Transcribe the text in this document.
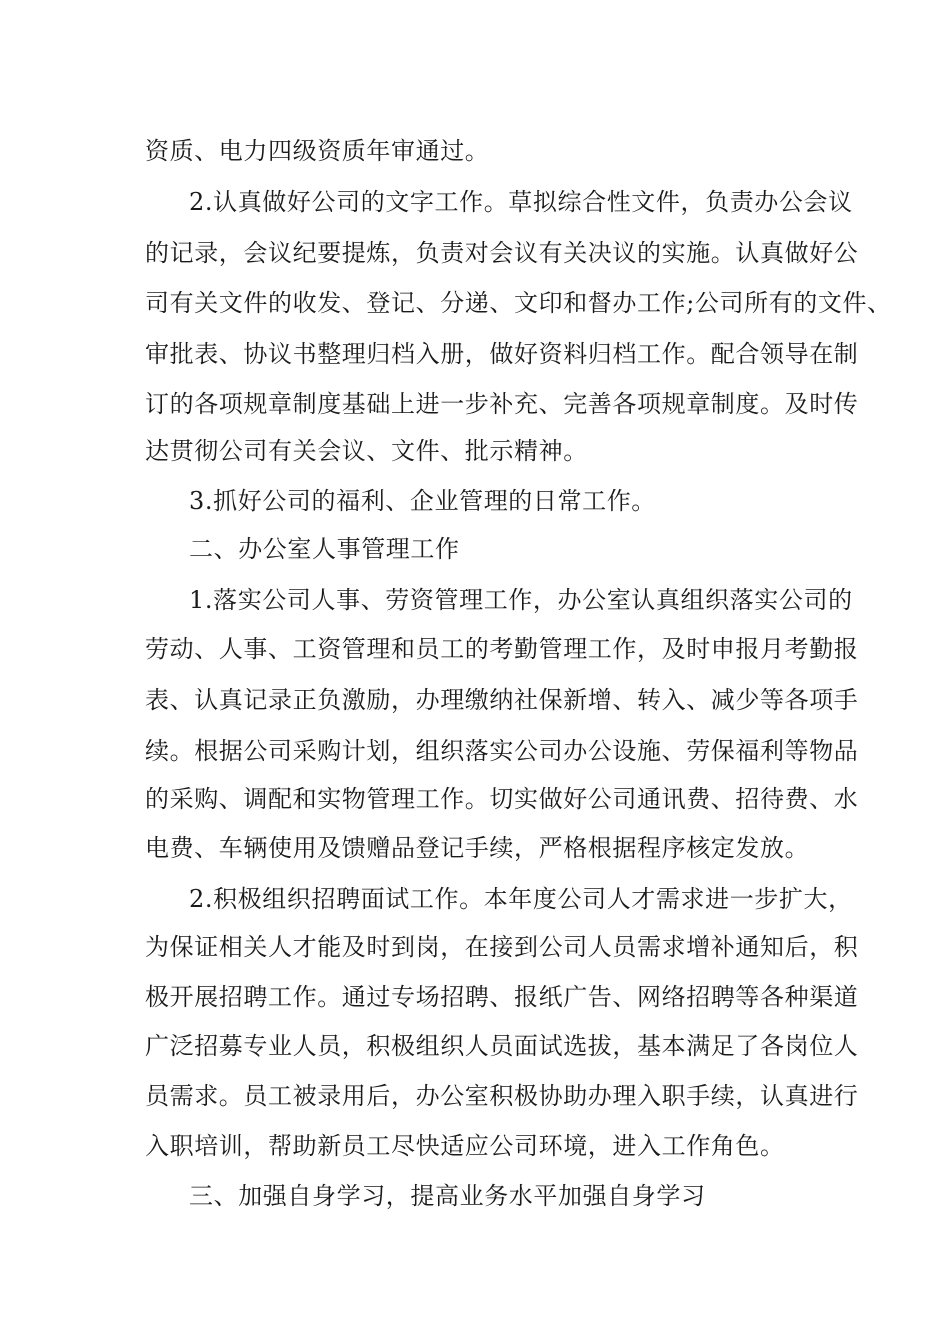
资质、电力四级资质年审通过。
2.认真做好公司的文字工作。草拟综合性文件，负责办公会议
的记录，会议纪要提炼，负责对会议有关决议的实施。认真做好公
司有关文件的收发、登记、分递、文印和督办工作;公司所有的文件、
审批表、协议书整理归档入册，做好资料归档工作。配合领导在制
订的各项规章制度基础上进一步补充、完善各项规章制度。及时传
达贯彻公司有关会议、文件、批示精神。
3.抓好公司的福利、企业管理的日常工作。
二、办公室人事管理工作
1.落实公司人事、劳资管理工作，办公室认真组织落实公司的
劳动、人事、工资管理和员工的考勤管理工作，及时申报月考勤报
表、认真记录正负激励，办理缴纳社保新增、转入、减少等各项手
续。根据公司采购计划，组织落实公司办公设施、劳保福利等物品
的采购、调配和实物管理工作。切实做好公司通讯费、招待费、水
电费、车辆使用及馈赠品登记手续，严格根据程序核定发放。
2.积极组织招聘面试工作。本年度公司人才需求进一步扩大，
为保证相关人才能及时到岗，在接到公司人员需求增补通知后，积
极开展招聘工作。通过专场招聘、报纸广告、网络招聘等各种渠道
广泛招募专业人员，积极组织人员面试选拔，基本满足了各岗位人
员需求。员工被录用后，办公室积极协助办理入职手续，认真进行
入职培训，帮助新员工尽快适应公司环境，进入工作角色。
三、加强自身学习，提高业务水平加强自身学习
